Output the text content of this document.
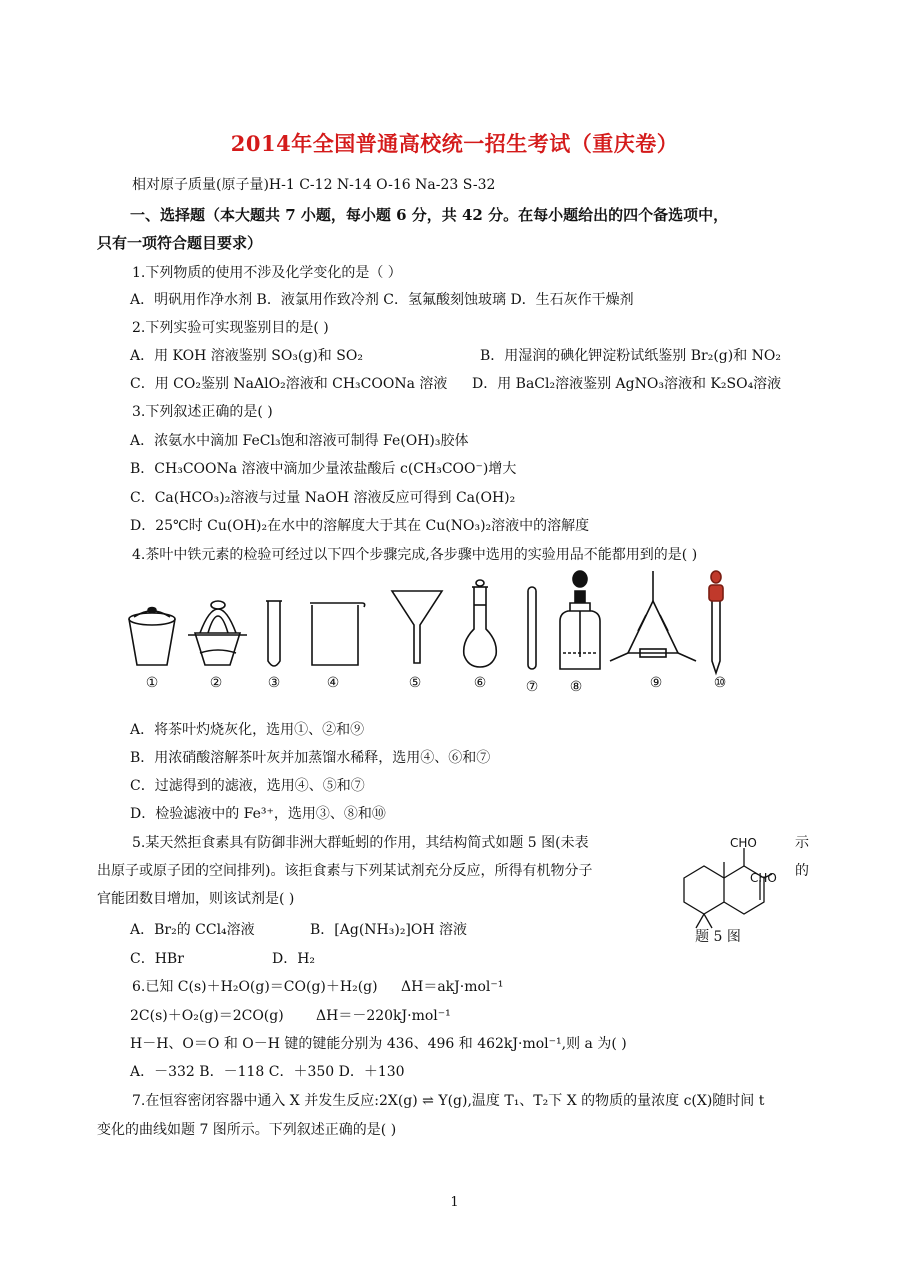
2014年全国普通高校统一招生考试（重庆卷）
相对原子质量(原子量)H-1 C-12 N-14 O-16 Na-23 S-32
一、选择题（本大题共 7 小题，每小题 6 分，共 42 分。在每小题给出的四个备选项中，
只有一项符合题目要求）
1.下列物质的使用不涉及化学变化的是（ ）
A．明矾用作净水剂 B．液氯用作致冷剂 C．氢氟酸刻蚀玻璃 D．生石灰作干燥剂
2.下列实验可实现鉴别目的是( )
A．用 KOH 溶液鉴别 SO₃(g)和 SO₂	B．用湿润的碘化钾淀粉试纸鉴别 Br₂(g)和 NO₂
C．用 CO₂鉴别 NaAlO₂溶液和 CH₃COONa 溶液 D．用 BaCl₂溶液鉴别 AgNO₃溶液和 K₂SO₄溶液
3.下列叙述正确的是( )
A．浓氨水中滴加 FeCl₃饱和溶液可制得 Fe(OH)₃胶体
B．CH₃COONa 溶液中滴加少量浓盐酸后 c(CH₃COO⁻)增大
C．Ca(HCO₃)₂溶液与过量 NaOH 溶液反应可得到 Ca(OH)₂
D．25℃时 Cu(OH)₂在水中的溶解度大于其在 Cu(NO₃)₂溶液中的溶解度
4.茶叶中铁元素的检验可经过以下四个步骤完成,各步骤中选用的实验用品不能都用到的是( )
①	②	③	④	⑤	⑥	⑦ ⑧	⑨	⑩
A．将茶叶灼烧灰化，选用①、②和⑨
B．用浓硝酸溶解茶叶灰并加蒸馏水稀释，选用④、⑥和⑦
C．过滤得到的滤液，选用④、⑤和⑦
D．检验滤液中的 Fe³⁺，选用③、⑧和⑩
5.某天然拒食素具有防御非洲大群蚯蚓的作用，其结构简式如题 5 图(未表	示
出原子或原子团的空间排列)。该拒食素与下列某试剂充分反应，所得有机物分子	的
官能团数目增加，则该试剂是( )
A．Br₂的 CCl₄溶液	B．[Ag(NH₃)₂]OH 溶液
C．HBr	D．H₂
CHO
CHO
题 5 图
6.已知 C(s)＋H₂O(g)＝CO(g)＋H₂(g) ΔH＝akJ·mol⁻¹
2C(s)＋O₂(g)＝2CO(g) ΔH＝－220kJ·mol⁻¹
H－H、O＝O 和 O－H 键的键能分别为 436、496 和 462kJ·mol⁻¹,则 a 为( )
A．－332 B．－118 C．＋350 D．＋130
7.在恒容密闭容器中通入 X 并发生反应:2X(g) ⇌ Y(g),温度 T₁、T₂下 X 的物质的量浓度 c(X)随时间 t
变化的曲线如题 7 图所示。下列叙述正确的是( )
1
